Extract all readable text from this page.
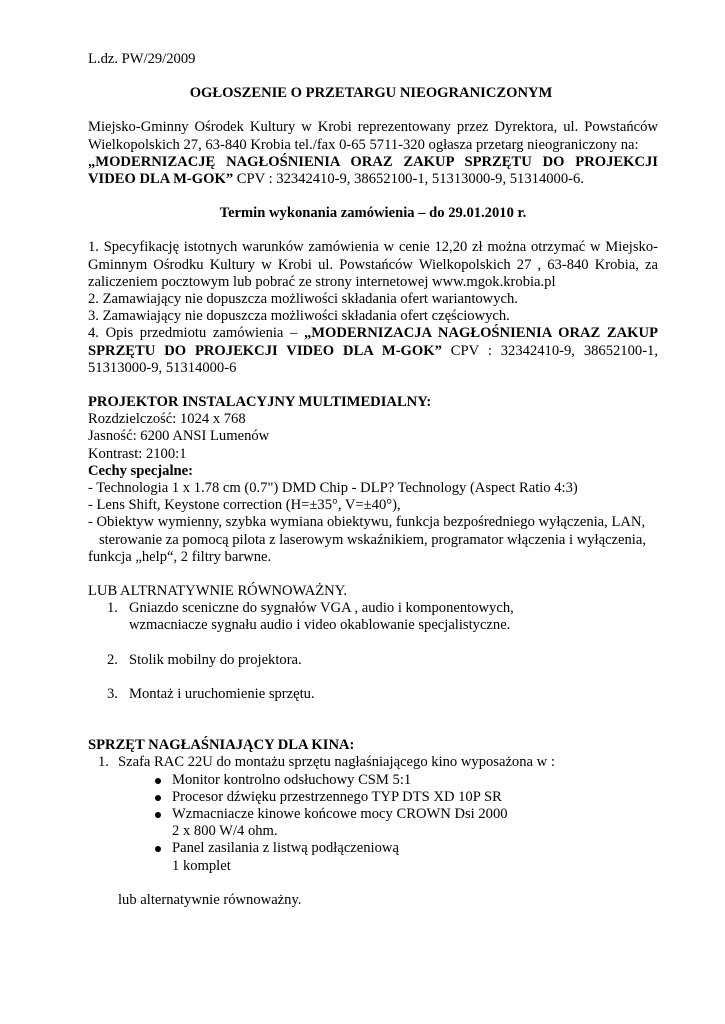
L.dz. PW/29/2009
OGŁOSZENIE O PRZETARGU NIEOGRANICZONYM
Miejsko-Gminny Ośrodek Kultury w Krobi reprezentowany przez Dyrektora, ul. Powstańców
Wielkopolskich 27, 63-840 Krobia tel./fax 0-65 5711-320 ogłasza przetarg nieograniczony na:
„MODERNIZACJĘ NAGŁOŚNIENIA ORAZ ZAKUP SPRZĘTU DO PROJEKCJI
VIDEO DLA M-GOK” CPV : 32342410-9, 38652100-1, 51313000-9, 51314000-6.
Termin wykonania zamówienia – do 29.01.2010 r.
1. Specyfikację istotnych warunków zamówienia w cenie 12,20 zł można otrzymać w Miejsko-
Gminnym Ośrodku Kultury w Krobi ul. Powstańców Wielkopolskich 27 , 63-840 Krobia, za
zaliczeniem pocztowym lub pobrać ze strony internetowej www.mgok.krobia.pl
2. Zamawiający nie dopuszcza możliwości składania ofert wariantowych.
3. Zamawiający nie dopuszcza możliwości składania ofert częściowych.
4. Opis przedmiotu zamówienia – „MODERNIZACJA NAGŁOŚNIENIA ORAZ ZAKUP
SPRZĘTU DO PROJEKCJI VIDEO DLA M-GOK” CPV : 32342410-9, 38652100-1,
51313000-9, 51314000-6
PROJEKTOR INSTALACYJNY MULTIMEDIALNY:
Rozdzielczość: 1024 x 768
Jasność: 6200 ANSI Lumenów
Kontrast: 2100:1
Cechy specjalne:
- Technologia 1 x 1.78 cm (0.7") DMD Chip - DLP? Technology (Aspect Ratio 4:3)
- Lens Shift, Keystone correction (H=±35°, V=±40°),
- Obiektyw wymienny, szybka wymiana obiektywu, funkcja bezpośredniego wyłączenia, LAN,
sterowanie za pomocą pilota z laserowym wskaźnikiem, programator włączenia i wyłączenia,
funkcja „help“, 2 filtry barwne.
LUB ALTRNATYWNIE RÓWNOWAŻNY.
1. Gniazdo sceniczne do sygnałów VGA , audio i komponentowych,
wzmacniacze sygnału audio i video okablowanie specjalistyczne.
2. Stolik mobilny do projektora.
3. Montaż i uruchomienie sprzętu.
SPRZĘT NAGŁAŚNIAJĄCY DLA KINA:
1. Szafa RAC 22U do montażu sprzętu nagłaśniającego kino wyposażona w :
Monitor kontrolno odsłuchowy CSM 5:1
Procesor dźwięku przestrzennego TYP DTS XD 10P SR
Wzmacniacze kinowe końcowe mocy CROWN Dsi 2000
2 x 800 W/4 ohm.
Panel zasilania z listwą podłączeniową
1 komplet
lub alternatywnie równoważny.
